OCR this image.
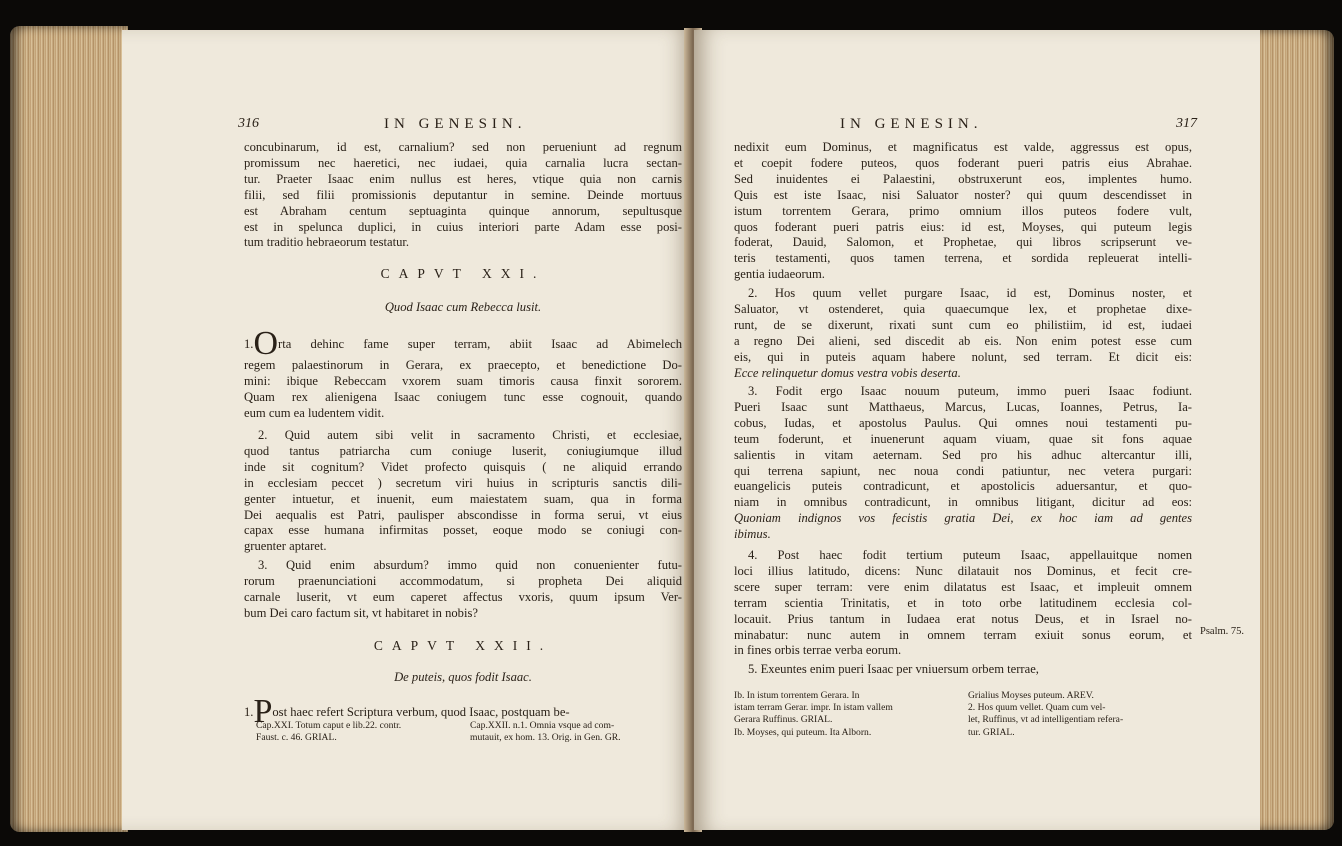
316	IN GENESIN.
concubinarum, id est, carnalium? sed non perueniunt ad regnum
promissum nec haeretici, nec iudaei, quia carnalia lucra sectan-
tur. Praeter Isaac enim nullus est heres, vtique quia non carnis
filii, sed filii promissionis deputantur in semine. Deinde mortuus
est Abraham centum septuaginta quinque annorum, sepultusque
est in spelunca duplici, in cuius interiori parte Adam esse posi-
tum traditio hebraeorum testatur.
CAPVT XXI.
Quod Isaac cum Rebecca lusit.
1.Orta dehinc fame super terram, abiit Isaac ad Abimelech
regem palaestinorum in Gerara, ex praecepto, et benedictione Do-
mini: ibique Rebeccam vxorem suam timoris causa finxit sororem.
Quam rex alienigena Isaac coniugem tunc esse cognouit, quando
eum cum ea ludentem vidit.
2. Quid autem sibi velit in sacramento Christi, et ecclesiae,
quod tantus patriarcha cum coniuge luserit, coniugiumque illud
inde sit cognitum? Videt profecto quisquis ( ne aliquid errando
in ecclesiam peccet ) secretum viri huius in scripturis sanctis dili-
genter intuetur, et inuenit, eum maiestatem suam, qua in forma
Dei aequalis est Patri, paulisper abscondisse in forma serui, vt eius
capax esse humana infirmitas posset, eoque modo se coniugi con-
gruenter aptaret.
3. Quid enim absurdum? immo quid non conuenienter futu-
rorum praenunciationi accommodatum, si propheta Dei aliquid
carnale luserit, vt eum caperet affectus vxoris, quum ipsum Ver-
bum Dei caro factum sit, vt habitaret in nobis?
CAPVT XXII.
De puteis, quos fodit Isaac.
1.Post haec refert Scriptura verbum, quod Isaac, postquam be-
Cap.XXI. Totum caput e lib.22. contr.
Faust. c. 46. GRIAL.
Cap.XXII. n.1. Omnia vsque ad com-
mutauit, ex hom. 13. Orig. in Gen. GR.
IN GENESIN.	317
nedixit eum Dominus, et magnificatus est valde, aggressus est opus,
et coepit fodere puteos, quos foderant pueri patris eius Abrahae.
Sed inuidentes ei Palaestini, obstruxerunt eos, implentes humo.
Quis est iste Isaac, nisi Saluator noster? qui quum descendisset in
istum torrentem Gerara, primo omnium illos puteos fodere vult,
quos foderant pueri patris eius: id est, Moyses, qui puteum legis
foderat, Dauid, Salomon, et Prophetae, qui libros scripserunt ve-
teris testamenti, quos tamen terrena, et sordida repleuerat intelli-
gentia iudaeorum.
2. Hos quum vellet purgare Isaac, id est, Dominus noster, et
Saluator, vt ostenderet, quia quaecumque lex, et prophetae dixe-
runt, de se dixerunt, rixati sunt cum eo philistiim, id est, iudaei
a regno Dei alieni, sed discedit ab eis. Non enim potest esse cum
eis, qui in puteis aquam habere nolunt, sed terram. Et dicit eis:
Ecce relinquetur domus vestra vobis deserta.
3. Fodit ergo Isaac nouum puteum, immo pueri Isaac fodiunt.
Pueri Isaac sunt Matthaeus, Marcus, Lucas, Ioannes, Petrus, Ia-
cobus, Iudas, et apostolus Paulus. Qui omnes noui testamenti pu-
teum foderunt, et inuenerunt aquam viuam, quae sit fons aquae
salientis in vitam aeternam. Sed pro his adhuc altercantur illi,
qui terrena sapiunt, nec noua condi patiuntur, nec vetera purgari:
euangelicis puteis contradicunt, et apostolicis aduersantur, et quo-
niam in omnibus contradicunt, in omnibus litigant, dicitur ad eos:
Quoniam indignos vos fecistis gratia Dei, ex hoc iam ad gentes
ibimus.
4. Post haec fodit tertium puteum Isaac, appellauitque nomen
loci illius latitudo, dicens: Nunc dilatauit nos Dominus, et fecit cre-
scere super terram: vere enim dilatatus est Isaac, et impleuit omnem
terram scientia Trinitatis, et in toto orbe latitudinem ecclesia col-
locauit. Prius tantum in Iudaea erat notus Deus, et in Israel no-
minabatur: nunc autem in omnem terram exiuit sonus eorum, et
in fines orbis terrae verba eorum.
Psalm. 75.
5. Exeuntes enim pueri Isaac per vniuersum orbem terrae,
Ib. In istum torrentem Gerara. In
istam terram Gerar. impr. In istam vallem
Gerara Ruffinus. GRIAL.
Ib. Moyses, qui puteum. Ita Alborn.
Grialius Moyses puteum. AREV.
2. Hos quum vellet. Quam cum vel-
let, Ruffinus, vt ad intelligentiam refera-
tur. GRIAL.
